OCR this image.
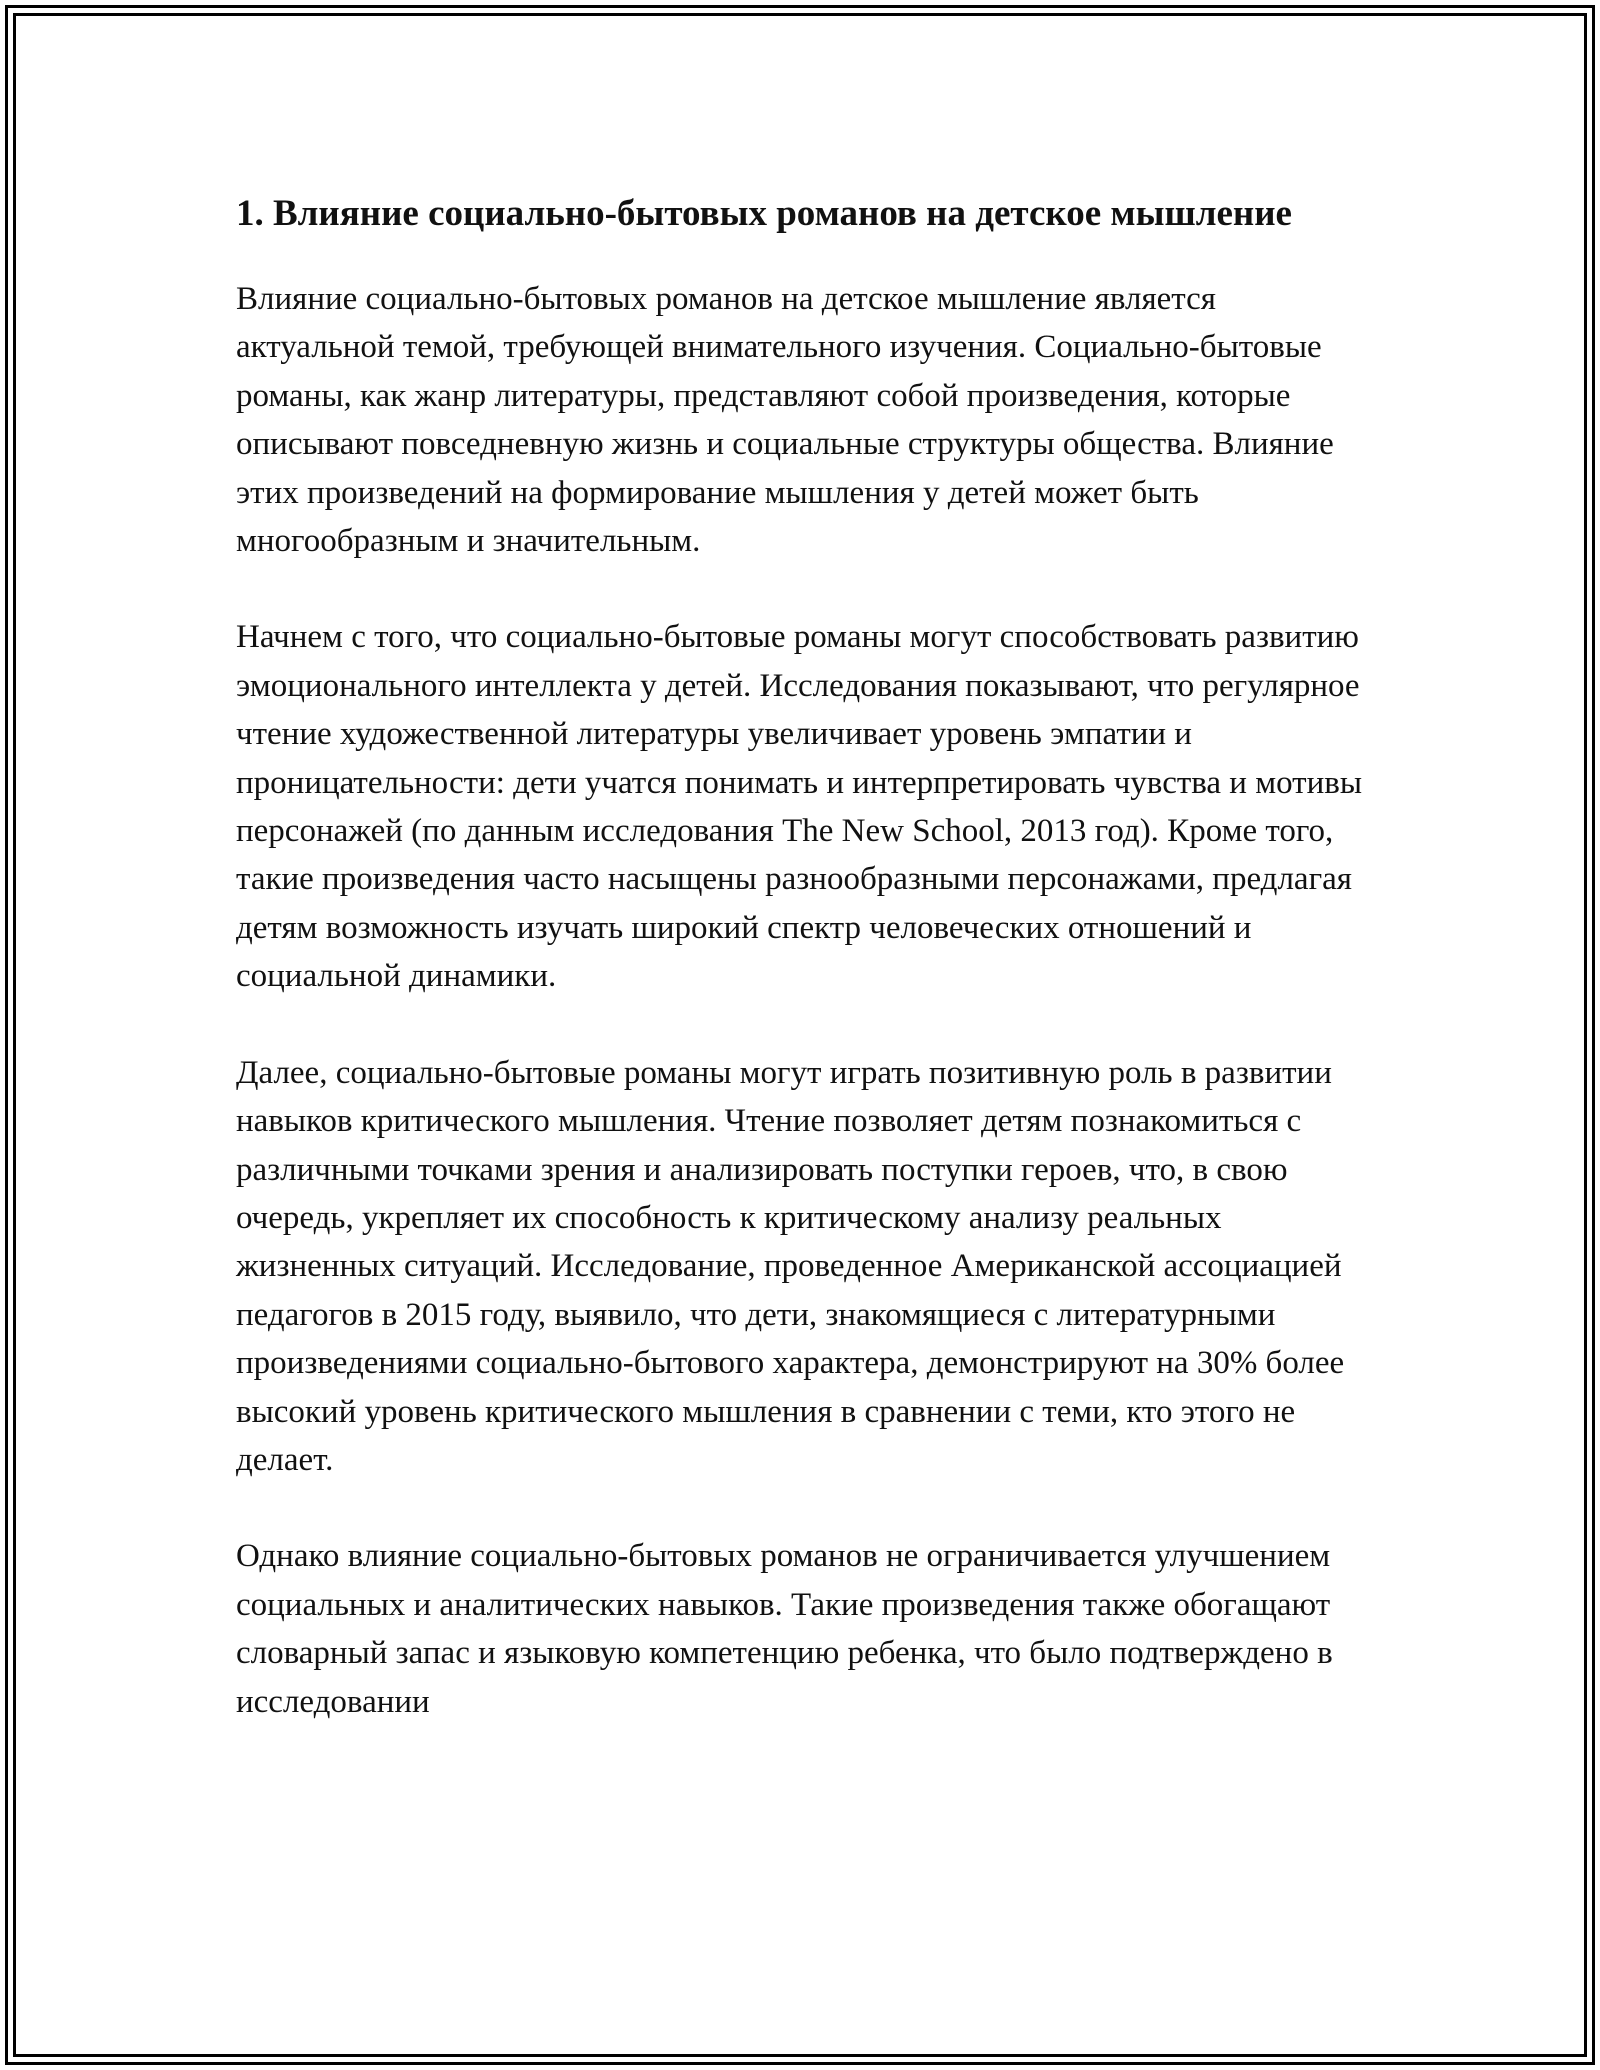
1. Влияние социально-бытовых романов на детское мышление

Влияние социально-бытовых романов на детское мышление является актуальной темой, требующей внимательного изучения. Социально-бытовые романы, как жанр литературы, представляют собой произведения, которые описывают повседневную жизнь и социальные структуры общества. Влияние этих произведений на формирование мышления у детей может быть многообразным и значительным.

Начнем с того, что социально-бытовые романы могут способствовать развитию эмоционального интеллекта у детей. Исследования показывают, что регулярное чтение художественной литературы увеличивает уровень эмпатии и проницательности: дети учатся понимать и интерпретировать чувства и мотивы персонажей (по данным исследования The New School, 2013 год). Кроме того, такие произведения часто насыщены разнообразными персонажами, предлагая детям возможность изучать широкий спектр человеческих отношений и социальной динамики.

Далее, социально-бытовые романы могут играть позитивную роль в развитии навыков критического мышления. Чтение позволяет детям познакомиться с различными точками зрения и анализировать поступки героев, что, в свою очередь, укрепляет их способность к критическому анализу реальных жизненных ситуаций. Исследование, проведенное Американской ассоциацией педагогов в 2015 году, выявило, что дети, знакомящиеся с литературными произведениями социально-бытового характера, демонстрируют на 30% более высокий уровень критического мышления в сравнении с теми, кто этого не делает.

Однако влияние социально-бытовых романов не ограничивается улучшением социальных и аналитических навыков. Такие произведения также обогащают словарный запас и языковую компетенцию ребенка, что было подтверждено в исследовании
